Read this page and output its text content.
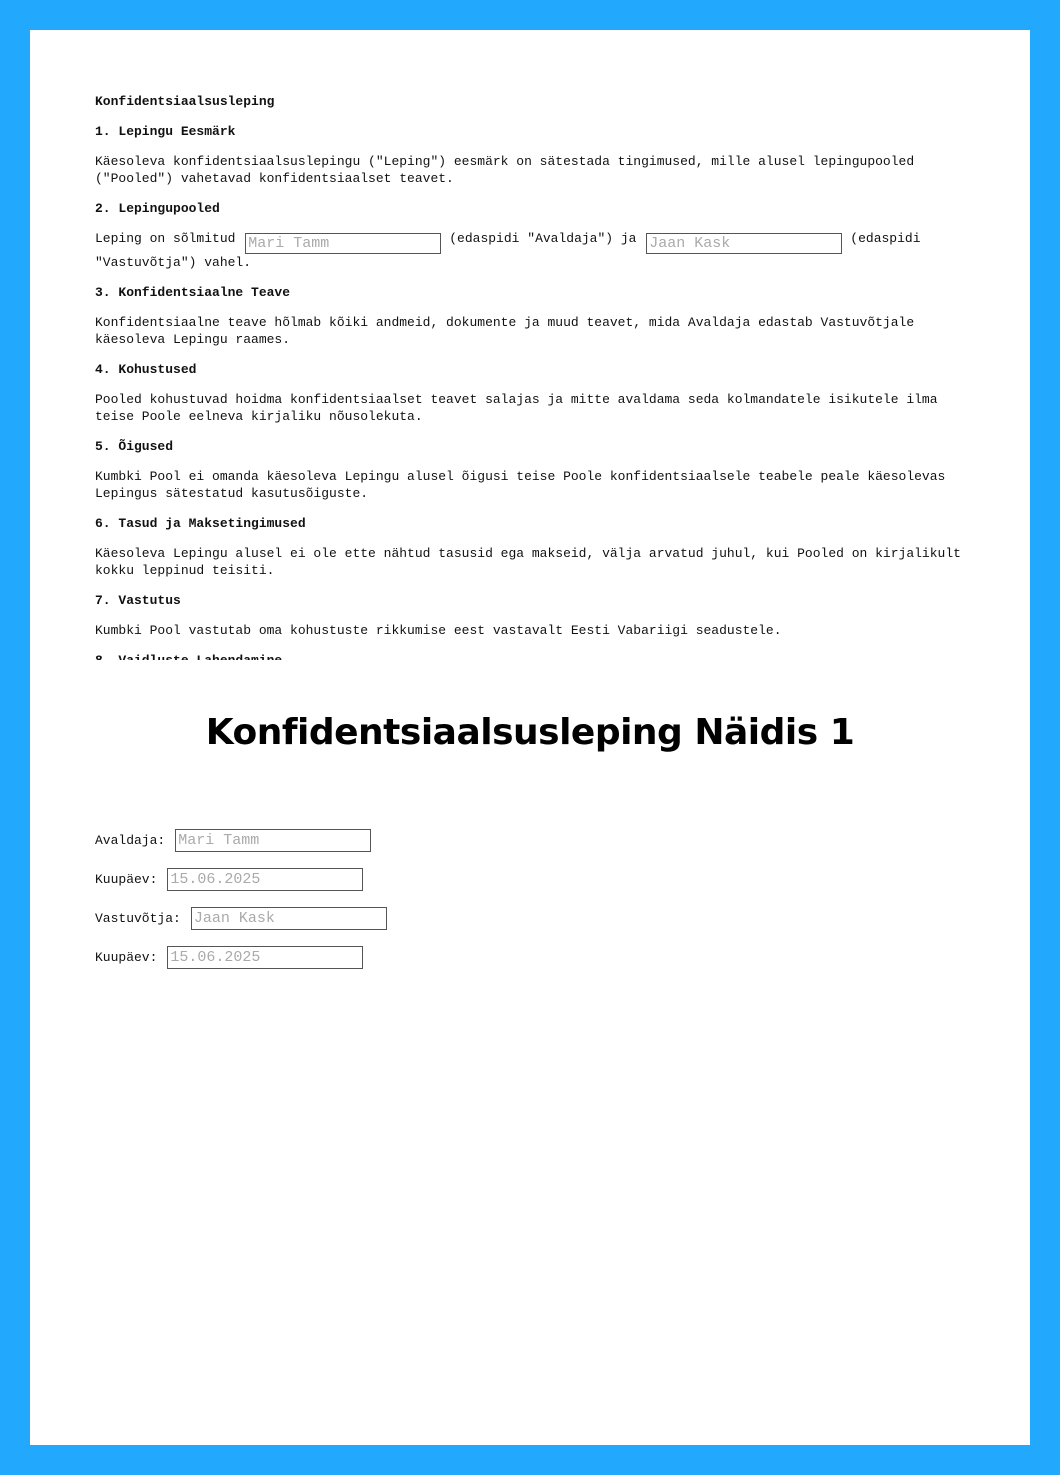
Konfidentsiaalsusleping

1. Lepingu Eesmärk

Käesoleva konfidentsiaalsuslepingu ("Leping") eesmärk on sätestada tingimused, mille alusel lepingupooled ("Pooled") vahetavad konfidentsiaalset teavet.

2. Lepingupooled

Leping on sõlmitud Mari Tamm	(edaspidi "Avaldaja") ja Jaan Kask	(edaspidi "Vastuvõtja") vahel.

3. Konfidentsiaalne Teave

Konfidentsiaalne teave hõlmab kõiki andmeid, dokumente ja muud teavet, mida Avaldaja edastab Vastuvõtjale käesoleva Lepingu raames.

4. Kohustused

Pooled kohustuvad hoidma konfidentsiaalset teavet salajas ja mitte avaldama seda kolmandatele isikutele ilma teise Poole eelneva kirjaliku nõusolekuta.

5. Õigused

Kumbki Pool ei omanda käesoleva Lepingu alusel õigusi teise Poole konfidentsiaalsele teabele peale käesolevas Lepingus sätestatud kasutusõiguste.

6. Tasud ja Maksetingimused

Käesoleva Lepingu alusel ei ole ette nähtud tasusid ega makseid, välja arvatud juhul, kui Pooled on kirjalikult kokku leppinud teisiti.

7. Vastutus

Kumbki Pool vastutab oma kohustuste rikkumise eest vastavalt Eesti Vabariigi seadustele.

Konfidentsiaalsusleping Näidis 1
Avaldaja: Mari Tamm
Kuupäev: 15.06.2025
Vastuvõtja: Jaan Kask
Kuupäev: 15.06.2025
